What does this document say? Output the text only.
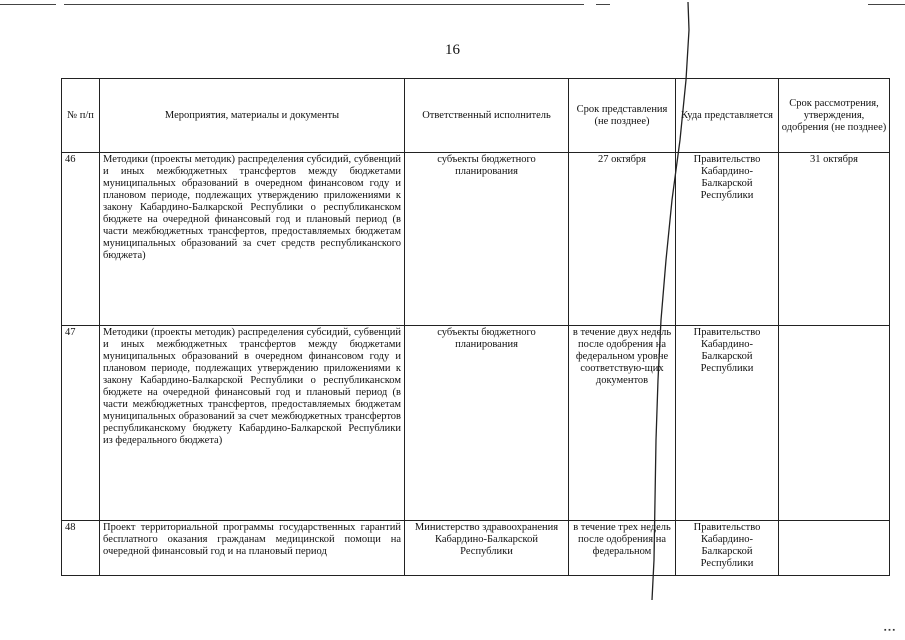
16
№ п/п	Мероприятия, материалы и документы	Ответственный исполнитель	Срок представления (не позднее)	Куда представляется	Срок рассмотрения, утверждения, одобрения (не позднее)
46	Методики (проекты методик) распределения субсидий, субвенций и иных межбюджетных трансфертов между бюджетами муниципальных образований в очередном финансовом году и плановом периоде, подлежащих утверждению приложениями к закону Кабардино-Балкарской Республики о республиканском бюджете на очередной финансовый год и плановый период (в части межбюджетных трансфертов, предоставляемых бюджетам муниципальных образований за счет средств республиканского бюджета)	субъекты бюджетного планирования	27 октября	Правительство Кабардино-Балкарской Республики	31 октября
47	Методики (проекты методик) распределения субсидий, субвенций и иных межбюджетных трансфертов между бюджетами муниципальных образований в очередном финансовом году и плановом периоде, подлежащих утверждению приложениями к закону Кабардино-Балкарской Республики о республиканском бюджете на очередной финансовый год и плановый период (в части межбюджетных трансфертов, предоставляемых бюджетам муниципальных образований за счет межбюджетных трансфертов республиканскому бюджету Кабардино-Балкарской Республики из федерального бюджета)	субъекты бюджетного планирования	в течение двух недель после одобрения на федеральном уровне соответствую-щих документов	Правительство Кабардино-Балкарской Республики	
48	Проект территориальной программы государственных гарантий бесплатного оказания гражданам медицинской помощи на очередной финансовый год и на плановый период	Министерство здравоохранения Кабардино-Балкарской Республики	в течение трех недель после одобрения на федеральном	Правительство Кабардино-Балкарской Республики	
▪ ▪ ▪
